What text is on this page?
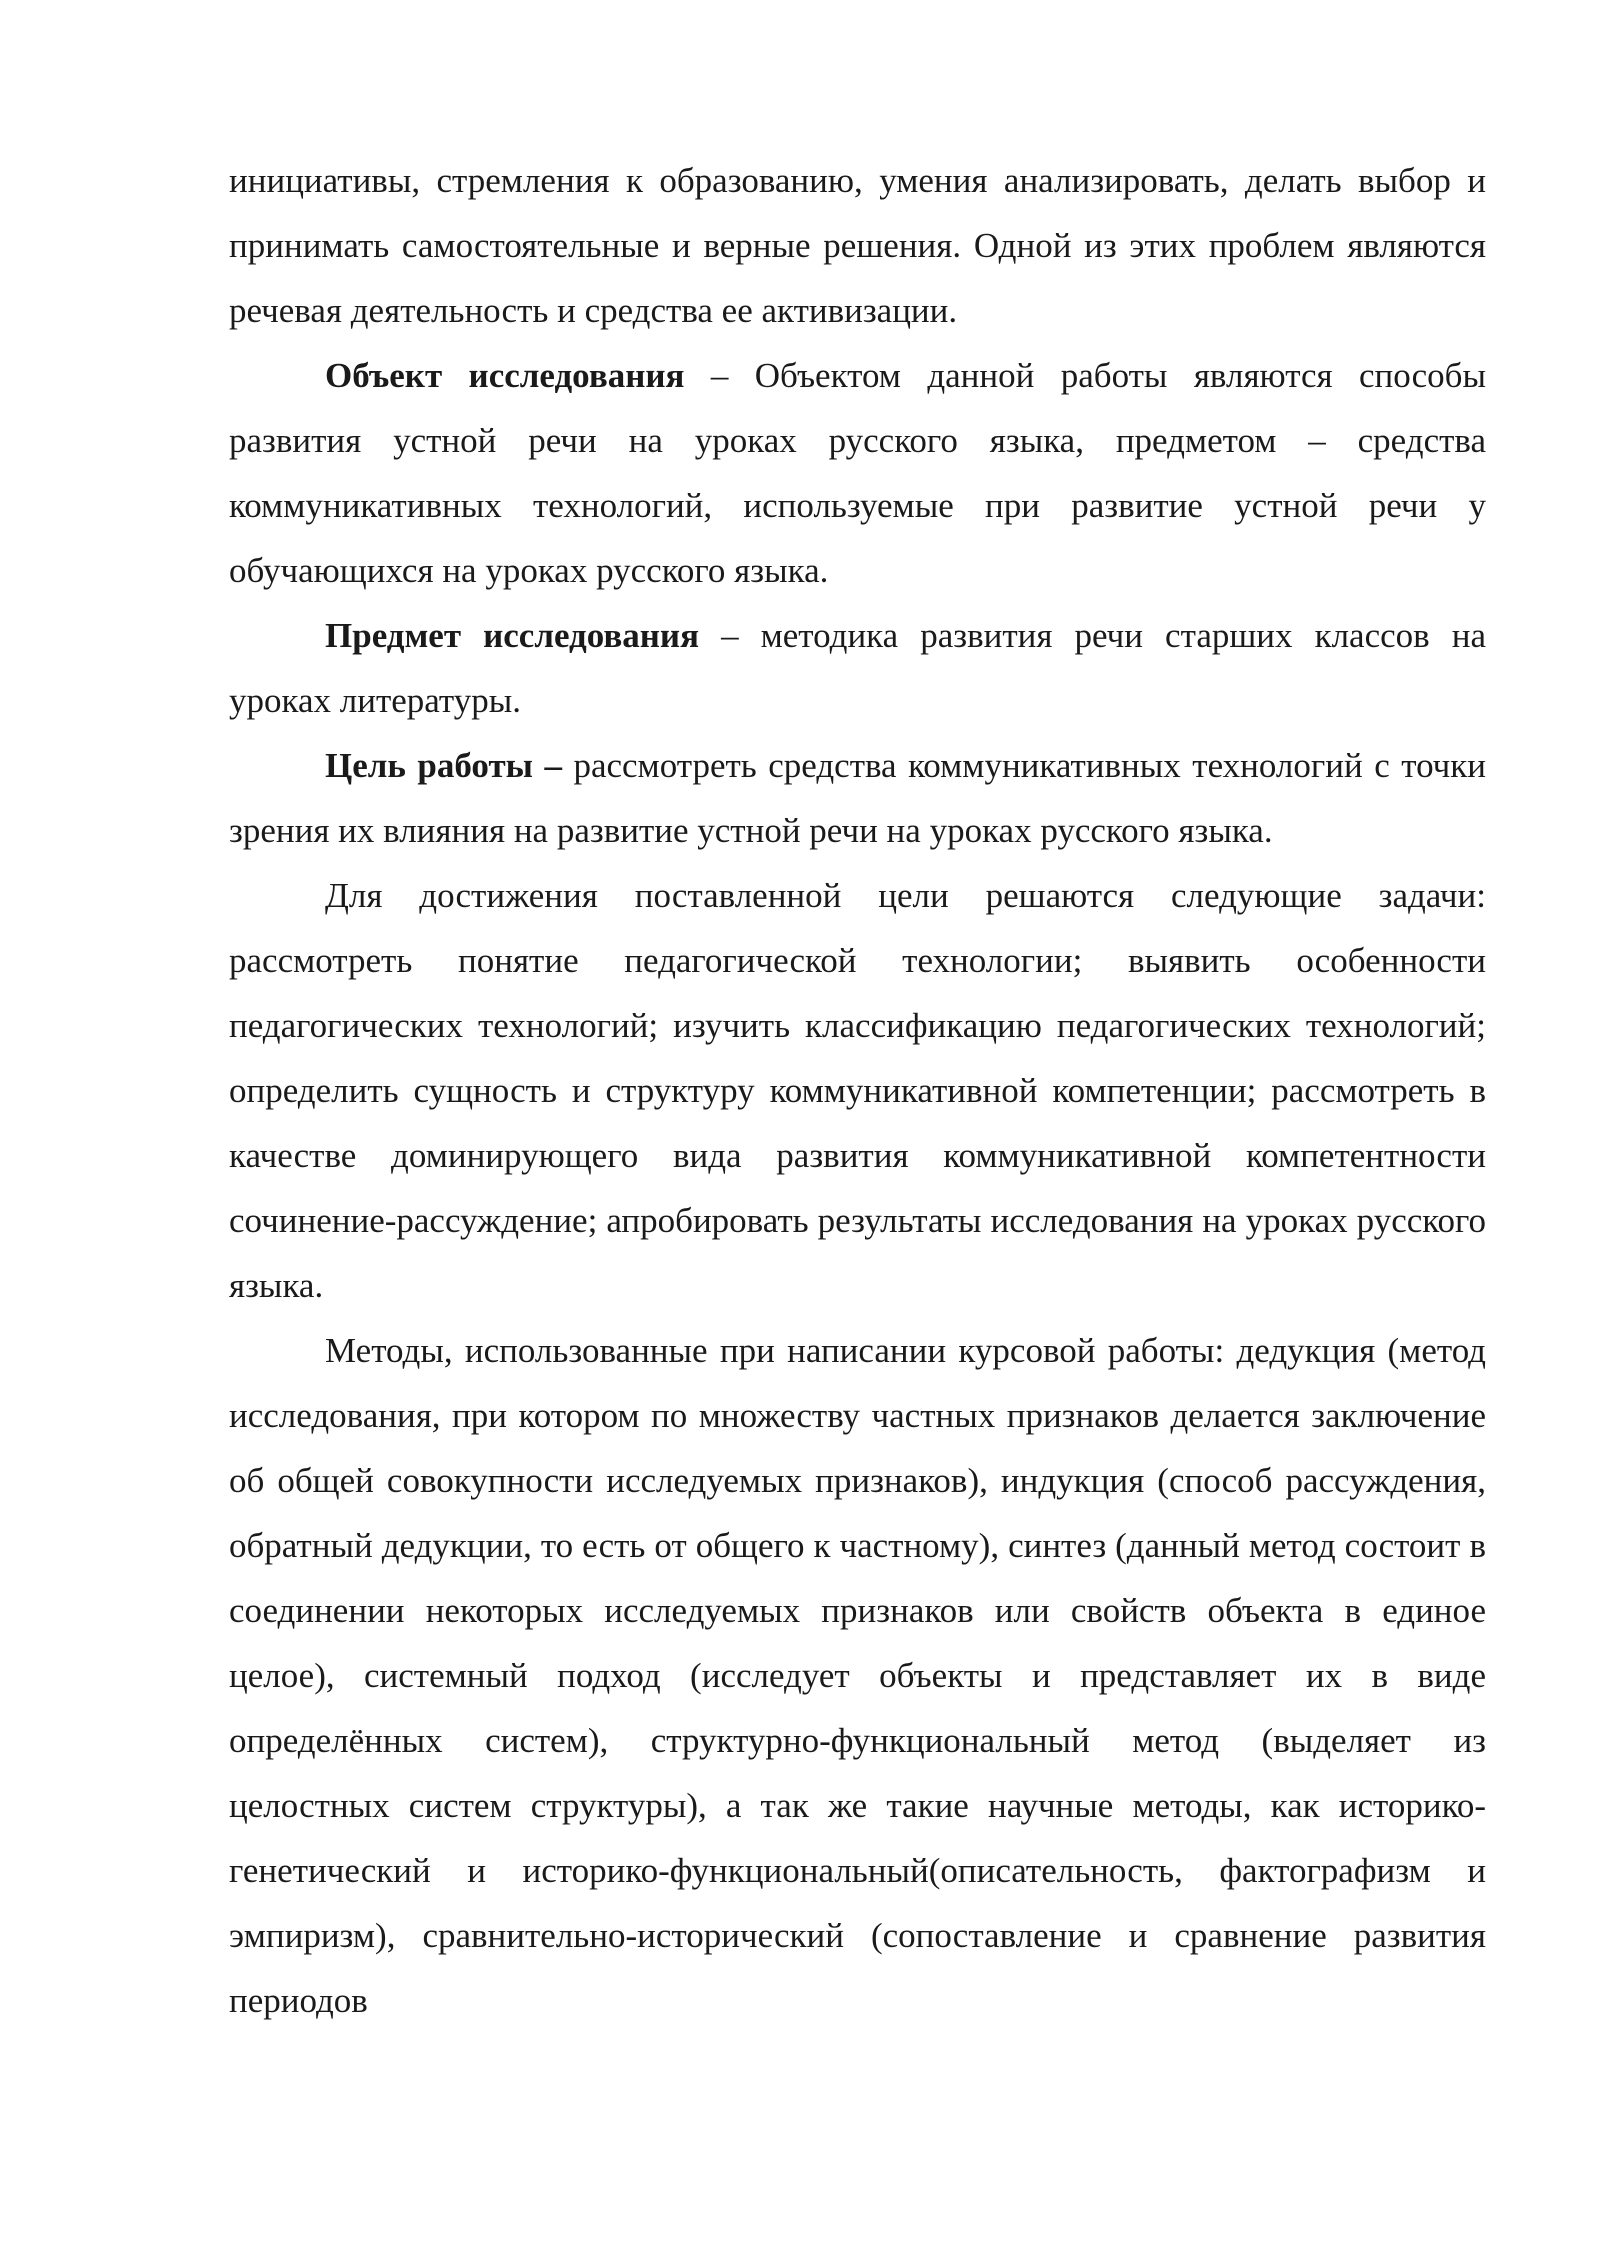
инициативы, стремления к образованию, умения анализировать, делать выбор и принимать самостоятельные и верные решения. Одной из этих проблем являются речевая деятельность и средства ее активизации.

Объект исследования – Объектом данной работы являются способы развития устной речи на уроках русского языка, предметом – средства коммуникативных технологий, используемые при развитие устной речи у обучающихся на уроках русского языка.

Предмет исследования – методика развития речи старших классов на уроках литературы.

Цель работы – рассмотреть средства коммуникативных технологий с точки зрения их влияния на развитие устной речи на уроках русского языка.

Для достижения поставленной цели решаются следующие задачи: рассмотреть понятие педагогической технологии; выявить особенности педагогических технологий; изучить классификацию педагогических технологий; определить сущность и структуру коммуникативной компетенции; рассмотреть в качестве доминирующего вида развития коммуникативной компетентности сочинение-рассуждение; апробировать результаты исследования на уроках русского языка.

Методы, использованные при написании курсовой работы: дедукция (метод исследования, при котором по множеству частных признаков делается заключение об общей совокупности исследуемых признаков), индукция (способ рассуждения, обратный дедукции, то есть от общего к частному), синтез (данный метод состоит в соединении некоторых исследуемых признаков или свойств объекта в единое целое), системный подход (исследует объекты и представляет их в виде определённых систем), структурно-функциональный метод (выделяет из целостных систем структуры), а так же такие научные методы, как историко-генетический и историко-функциональный(описательность, фактографизм и эмпиризм), сравнительно-исторический (сопоставление и сравнение развития периодов
